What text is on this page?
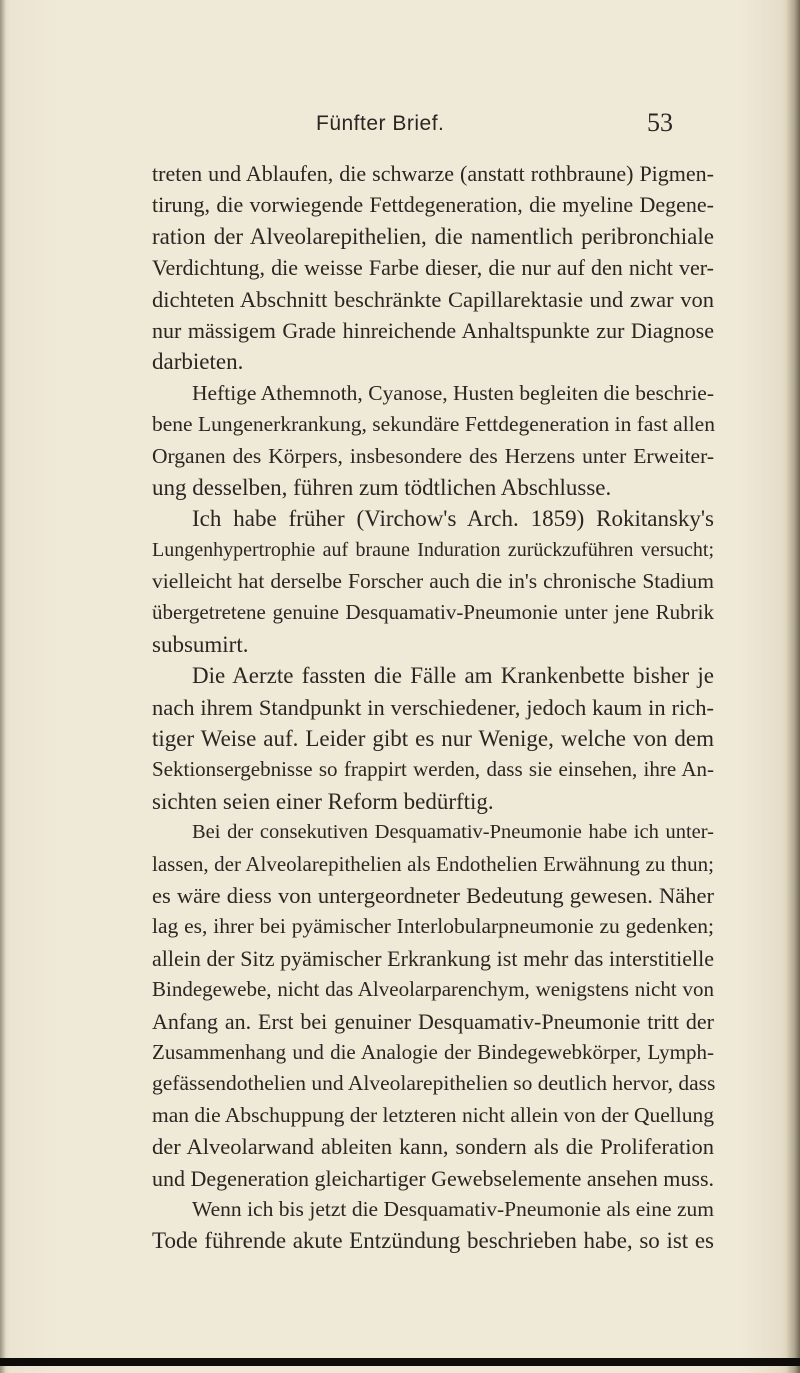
Fünfter Brief.	53
treten und Ablaufen, die schwarze (anstatt rothbraune) Pigmen-
tirung, die vorwiegende Fettdegeneration, die myeline Degene-
ration der Alveolarepithelien, die namentlich peribronchiale
Verdichtung, die weisse Farbe dieser, die nur auf den nicht ver-
dichteten Abschnitt beschränkte Capillarektasie und zwar von
nur mässigem Grade hinreichende Anhaltspunkte zur Diagnose
darbieten.
Heftige Athemnoth, Cyanose, Husten begleiten die beschrie-
bene Lungenerkrankung, sekundäre Fettdegeneration in fast allen
Organen des Körpers, insbesondere des Herzens unter Erweiter-
ung desselben, führen zum tödtlichen Abschlusse.
Ich habe früher (Virchow's Arch. 1859) Rokitansky's
Lungenhypertrophie auf braune Induration zurückzuführen versucht;
vielleicht hat derselbe Forscher auch die in's chronische Stadium
übergetretene genuine Desquamativ-Pneumonie unter jene Rubrik
subsumirt.
Die Aerzte fassten die Fälle am Krankenbette bisher je
nach ihrem Standpunkt in verschiedener, jedoch kaum in rich-
tiger Weise auf. Leider gibt es nur Wenige, welche von dem
Sektionsergebnisse so frappirt werden, dass sie einsehen, ihre An-
sichten seien einer Reform bedürftig.
Bei der consekutiven Desquamativ-Pneumonie habe ich unter-
lassen, der Alveolarepithelien als Endothelien Erwähnung zu thun;
es wäre diess von untergeordneter Bedeutung gewesen. Näher
lag es, ihrer bei pyämischer Interlobularpneumonie zu gedenken;
allein der Sitz pyämischer Erkrankung ist mehr das interstitielle
Bindegewebe, nicht das Alveolarparenchym, wenigstens nicht von
Anfang an. Erst bei genuiner Desquamativ-Pneumonie tritt der
Zusammenhang und die Analogie der Bindegewebkörper, Lymph-
gefässendothelien und Alveolarepithelien so deutlich hervor, dass
man die Abschuppung der letzteren nicht allein von der Quellung
der Alveolarwand ableiten kann, sondern als die Proliferation
und Degeneration gleichartiger Gewebselemente ansehen muss.
Wenn ich bis jetzt die Desquamativ-Pneumonie als eine zum
Tode führende akute Entzündung beschrieben habe, so ist es
